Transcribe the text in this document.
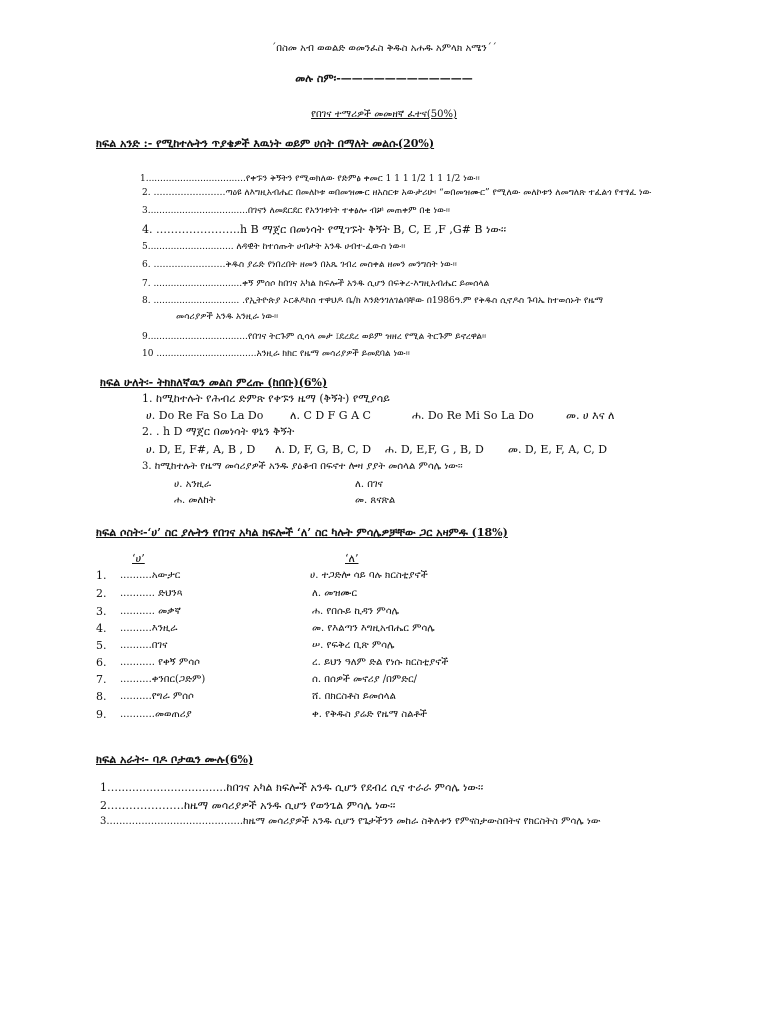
´በስመ አብ ወወልድ ወመንፈስ ቅዱስ አሐዱ አምላክ አሜን´´
መሉ ስም፡-————————————
የበገና ተማሪዎች መመዘኛ ፈተና(50%)
ክፍል አንድ :- የሚከተሉትን ጥያቄዎች እዉነት ወይም ሀሰት በማለት መልሱ(20%)
1...................................የቀኙን ቅኝትን የሚወክለው የድምፅ ቀመር 1 1 1 1/2 1 1 1/2 ነው፡፡
2. ……………………ጣዕዩ ለእግዚአብሔር በመለኮቱ ወበመዝሙር ዘአስርቱ አውታሪሁ፡ “ወበመዝሙር” የሚለው መለኮቱን ለመግለጽ ተፈልጎ የተፃፈ ነው
3...................................በገናን ለመደርደር የአንገቱነት ተቀፅሎ ብቻ መጠቀም በቂ ነው፡፡
4. …………………..h B ማጀር በመነሳት የሚገኙት ቅኝት B, C, E ,F ,G# B ነው፡፡
5.............................. ለዳዊት ከተሰጡት ሀብታት አንዱ ሀብተ-ፈውስ ነው፡፡
6. ……………………ቅዱስ ያሬድ የነበረበት ዘመን በአጼ ገብረ መስቀል ዘመን መንግስት ነው፡፡
7. ...............................ቀኝ ምሰሶ ከበገና አካል ክፍሎች አንዱ ሲሆን በፍቅረ-እግዚአብሔር ይመሰላል
8. .............................. .የኢትዮጵያ ኦርቶዶክስ ተዋህዶ ቤ/ክ እንድንገለገልባቸው በ1986ዓ.ም የቅዱስ ሲኖዶስ ጉባኤ ከተወሰኑት የዜማ
መሳሪያዎች አንዱ አንዚራ ነው፡፡
9...................................የበገና ትርጉም ሲሳላ መታ ፤ደረደረ ወይም ዝዘረ የሚል ትርጉም ይኖረዋል፡፡
10 ...................................አንዚራ ክክር የዜማ መሳሪያዎች ይመደባል ነው፡፡
ክፍል ሁለት፡- ትክክለኛዉን መልስ ምረጡ (ከበቡ)(6%)
1. ከሚከተሉት የሕብረ ድምጽ የቀኙን ዜማ (ቅኝት) የሚያሳይ
ሀ. Do Re Fa So La Do ለ. C D F G A C	ሐ. Do Re Mi So La Do	መ. ሀ እና ለ
2. . h D ማጀር በመነሳት ዋኒን ቅኝት
ሀ. D, E, F#, A, B , D ለ. D, F, G, B, C, D ሐ. D, E,F, G , B, D መ. D, E, F, A, C, D
3. ከሚከተሉት የዜማ መሳሪያዎች አንዱ ያዕቆብ በፍኖተ ሎዛ ያያት መሰላል ምሳሌ ነው፡፡
ሀ. አንዚራ	ለ. በገና
ሐ. መለከት	መ. ጸናጽል
ክፍል ሶስት፡-‘ሀ’ ስር ያሉትን የበገና አካል ክፍሎች ‘ለ’ ስር ካሉት ምሳሌዎቻቸው ጋር አዛምዱ (18%)
‘ሀ’	‘ለ’
1. ..........አውታር	ሀ. ተጋድሎ ሳይ ባሉ ክርስቲያኖች
2. ........... ድህንጻ	ለ. መዝሙር
3. ........... መቃኛ	ሐ. የበሱይ ኪዳን ምሳሌ
4. ..........እንዚራ	መ. የእልጣን እግዚአብሔር ምሳሌ
5. ..........በገና	ሠ. የፍቅረ ቢጽ ምሳሌ
6. ........... የቀኝ ምሳሶ	ረ. ይህን ዓለም ድል የነሱ ክርስቲያኖች
7. ..........ቀንበር(ጋድም)	ሰ. በሰዎች መኖሪያ /በምድር/
8. ..........የግራ ምሰሶ	ሸ. በክርስቶስ ይመሰላል
9. ...........መወጠሪያ	ቀ. የቅዱስ ያሬድ የዜማ ስልቶች
ክፍል አራት፡- ባዶ ቦታዉን ሙሉ(6%)
1…...............................ከበገና አካል ክፍሎች አንዱ ሲሆን የደብረ ሲና ተራራ ምሳሌ ነው፡፡
2…………………ከዜማ መሳሪያዎች አንዱ ሲሆን የወንጌል ምሳሌ ነው፡፡
3...........................................ከዜማ መሳሪያዎች አንዱ ሲሆን የጌታችንን መከራ ስቅለቱን የምናስታውስበትና የክርስትስ ምሳሌ ነው
